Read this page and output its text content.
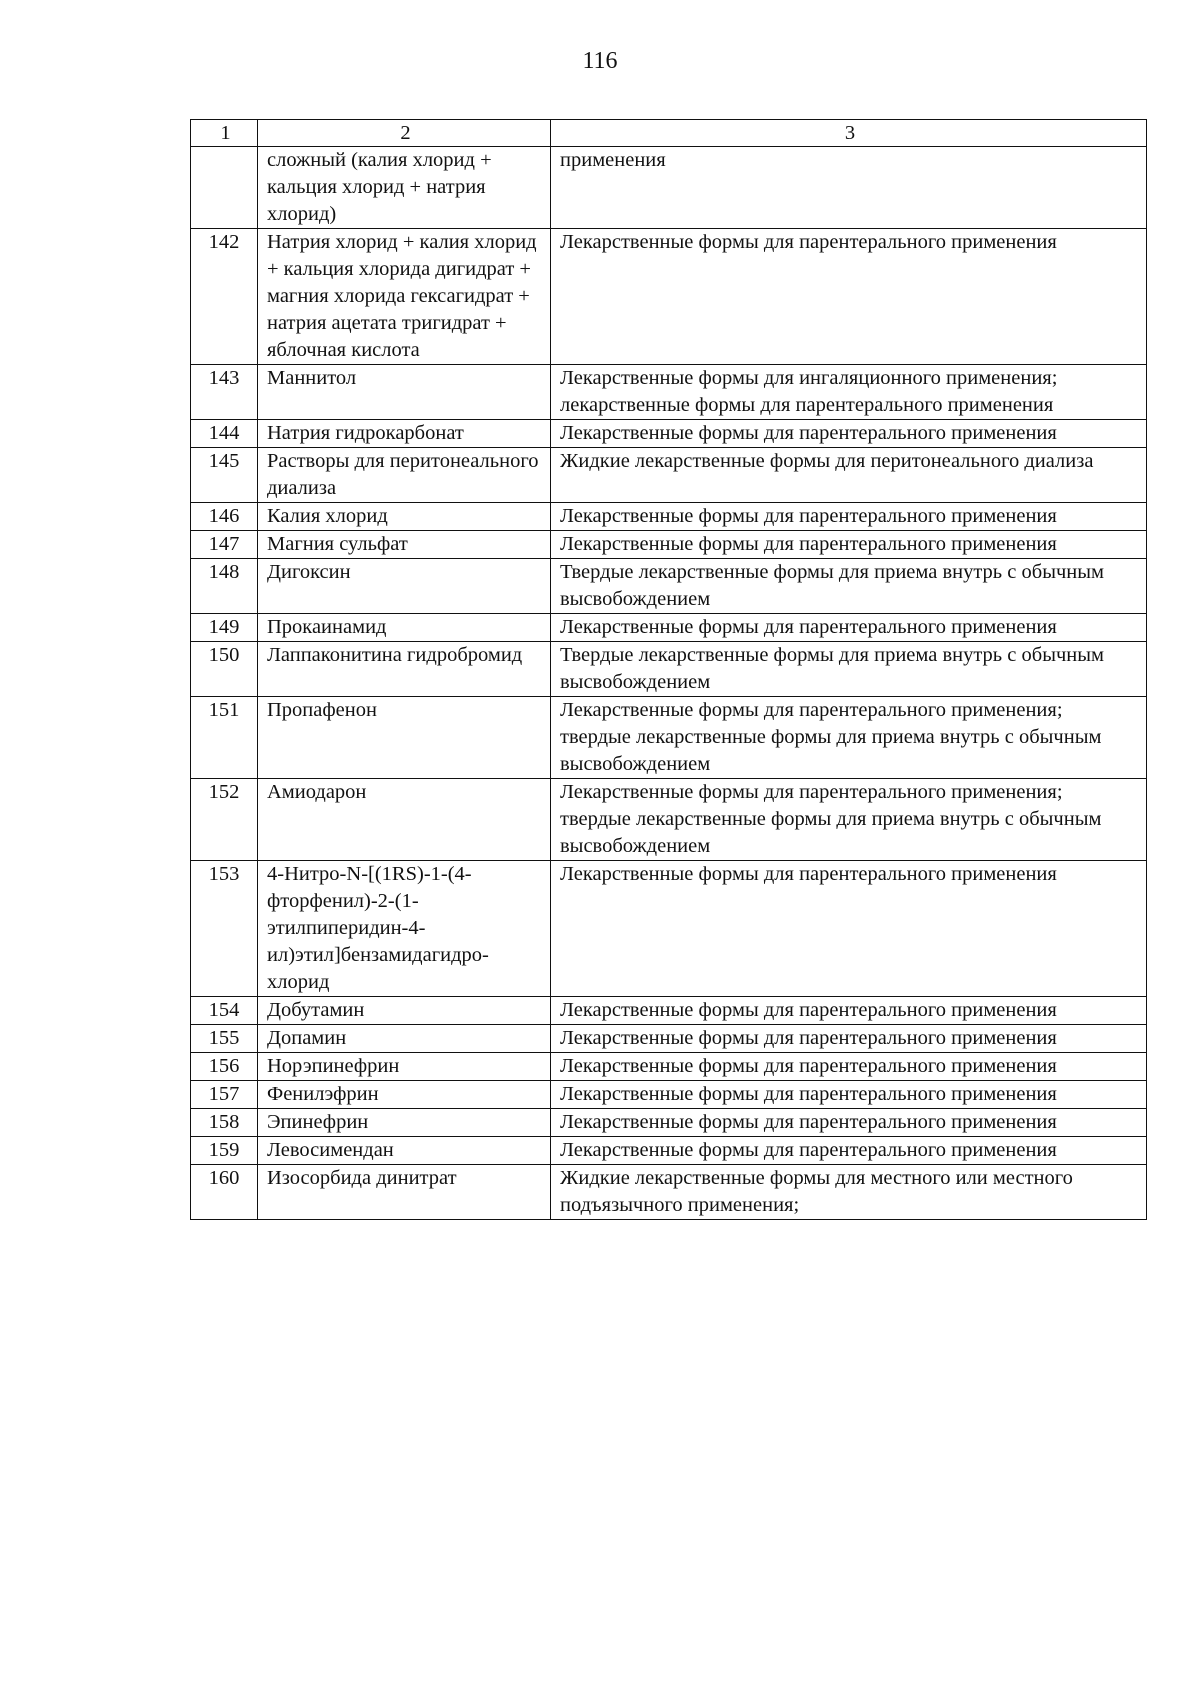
116
1	2	3
	сложный (калия хлорид + кальция хлорид + натрия хлорид)	применения
142	Натрия хлорид + калия хлорид + кальция хлорида дигидрат + магния хлорида гексагидрат + натрия ацетата тригидрат + яблочная кислота	Лекарственные формы для парентерального применения
143	Маннитол	Лекарственные формы для ингаляционного применения;
лекарственные формы для парентерального применения
144	Натрия гидрокарбонат	Лекарственные формы для парентерального применения
145	Растворы для перитонеального диализа	Жидкие лекарственные формы для перитонеального диализа
146	Калия хлорид	Лекарственные формы для парентерального применения
147	Магния сульфат	Лекарственные формы для парентерального применения
148	Дигоксин	Твердые лекарственные формы для приема внутрь с обычным высвобождением
149	Прокаинамид	Лекарственные формы для парентерального применения
150	Лаппаконитина гидробромид	Твердые лекарственные формы для приема внутрь с обычным высвобождением
151	Пропафенон	Лекарственные формы для парентерального применения;
твердые лекарственные формы для приема внутрь с обычным высвобождением
152	Амиодарон	Лекарственные формы для парентерального применения;
твердые лекарственные формы для приема внутрь с обычным высвобождением
153	4-Нитро-N-[(1RS)-1-(4-фторфенил)-2-(1-этилпиперидин-4-ил)этил]бензамидагидро-хлорид	Лекарственные формы для парентерального применения
154	Добутамин	Лекарственные формы для парентерального применения
155	Допамин	Лекарственные формы для парентерального применения
156	Норэпинефрин	Лекарственные формы для парентерального применения
157	Фенилэфрин	Лекарственные формы для парентерального применения
158	Эпинефрин	Лекарственные формы для парентерального применения
159	Левосимендан	Лекарственные формы для парентерального применения
160	Изосорбида динитрат	Жидкие лекарственные формы для местного или местного подъязычного применения;
